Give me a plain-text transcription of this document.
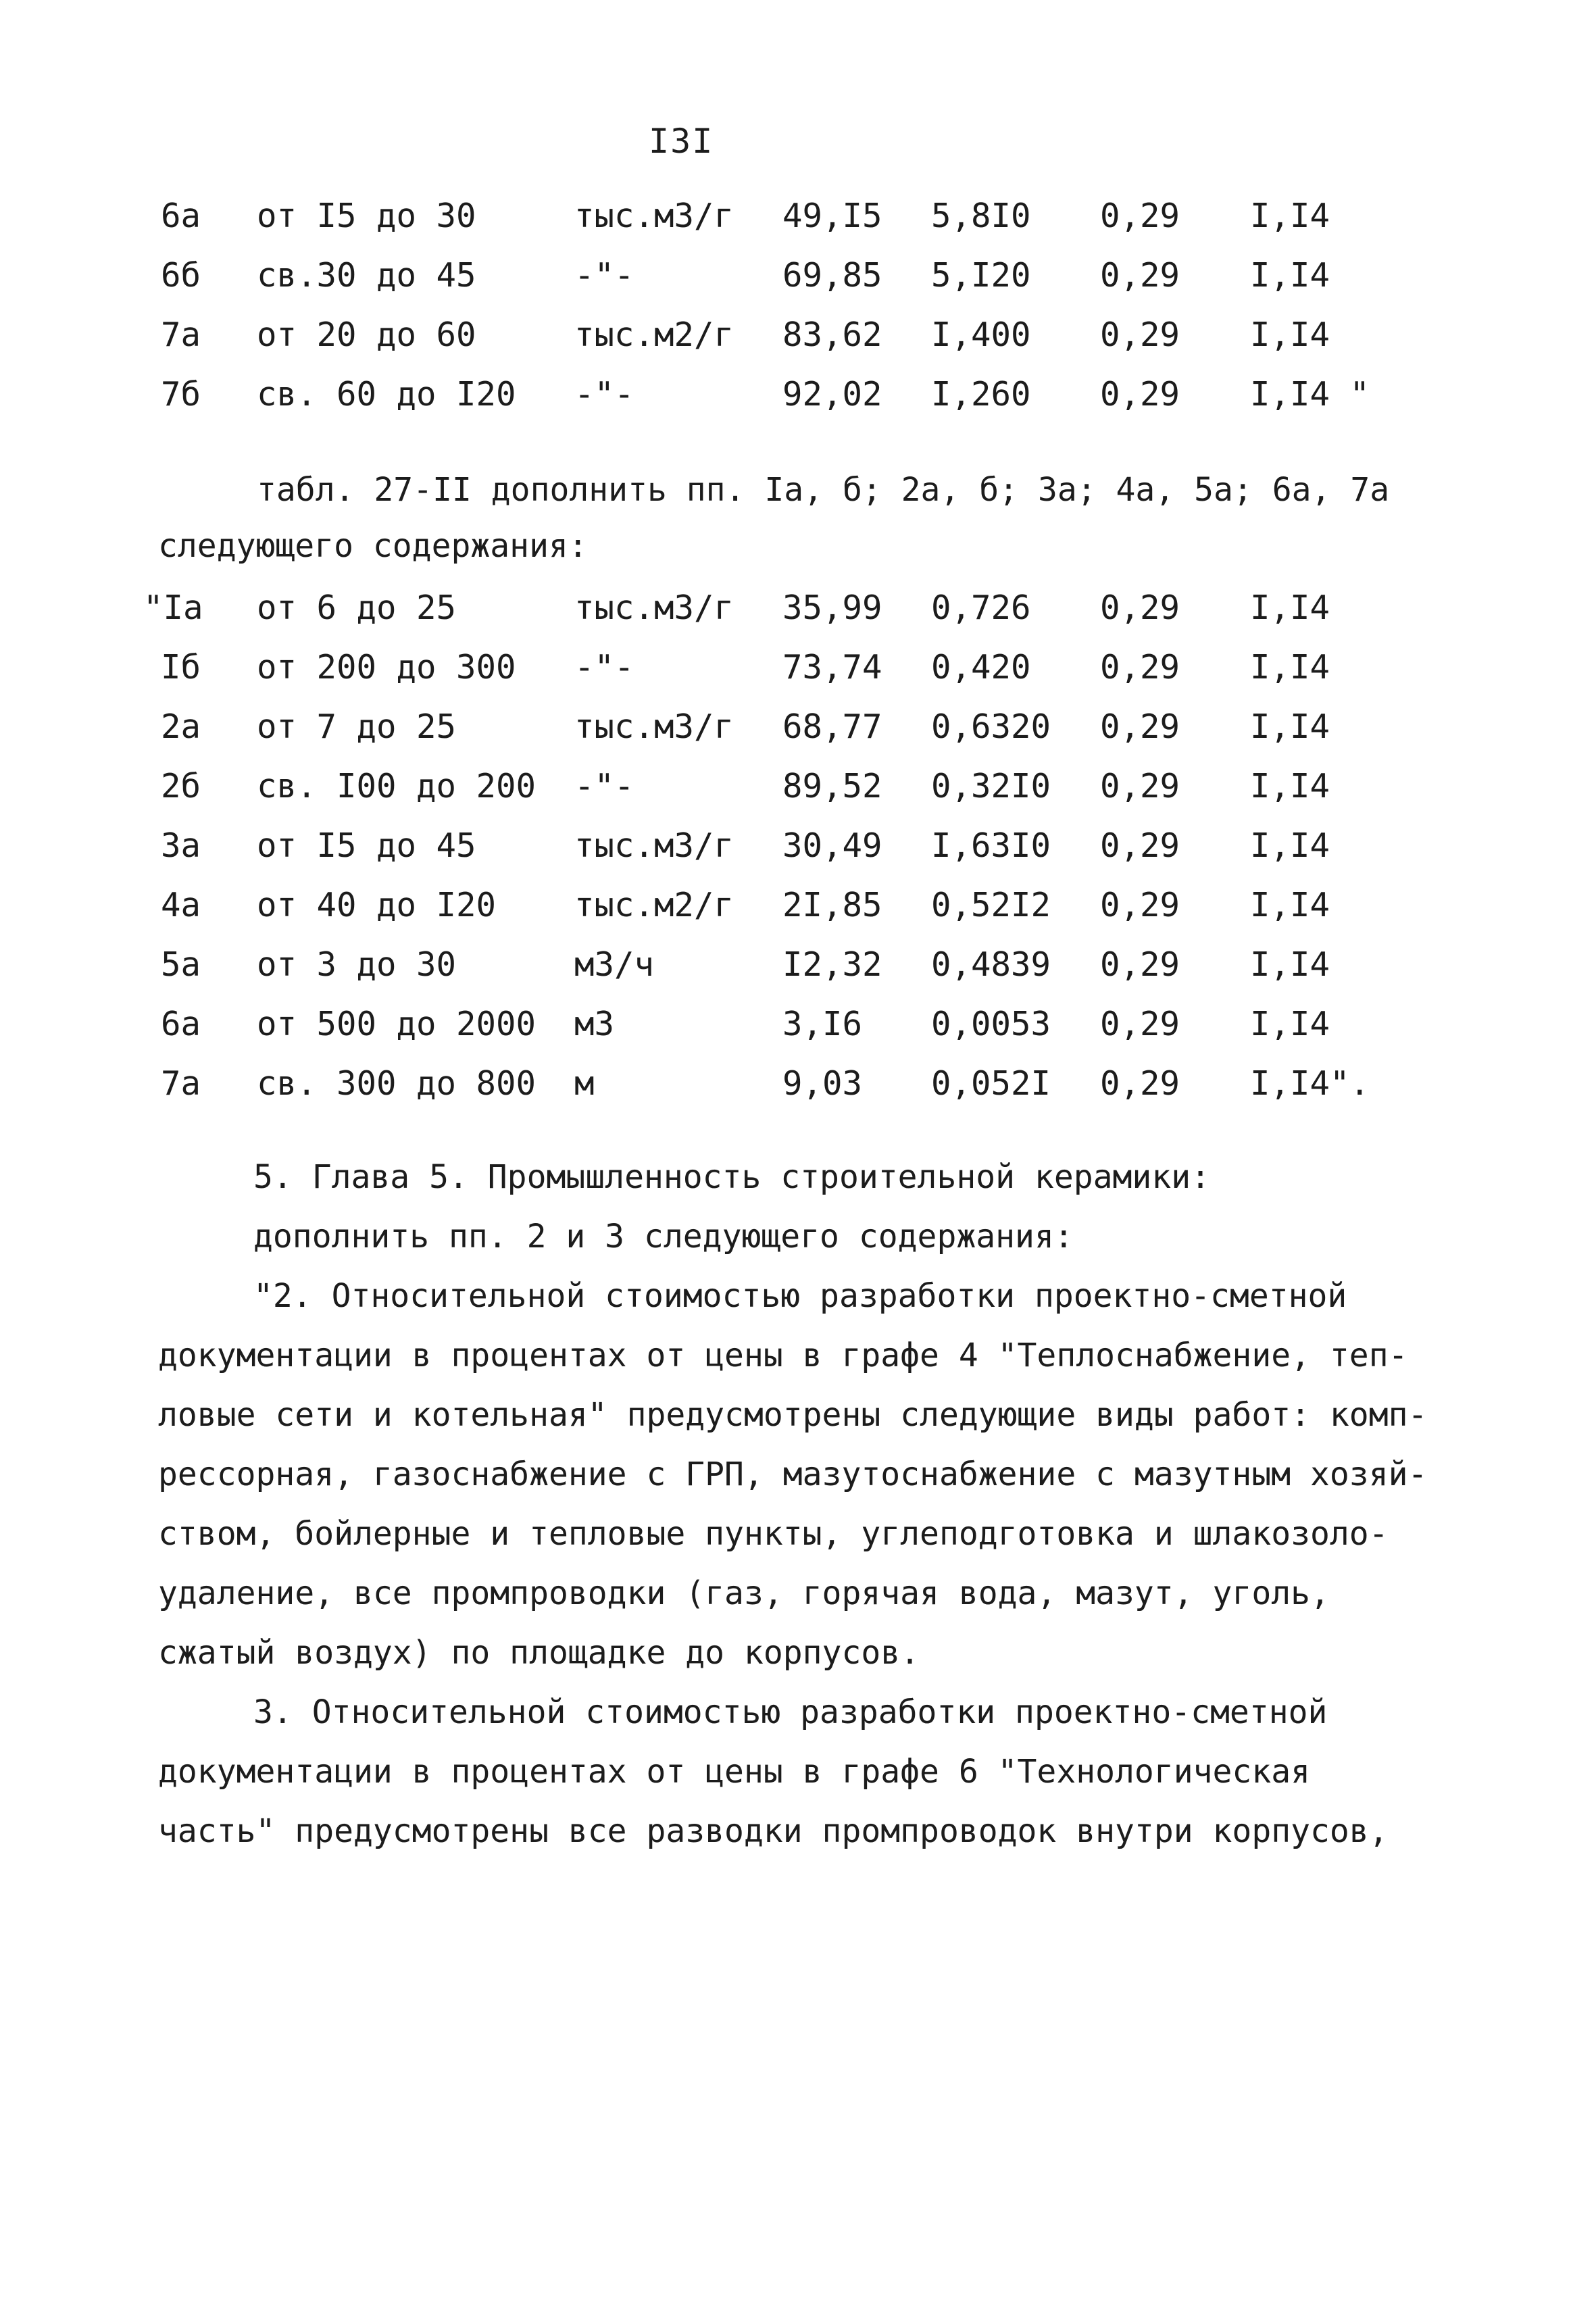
I3I
6а от I5 до 30	тыс.м3/г 49,I5 5,8I0 0,29 I,I4
6б св.30 до 45	-"-	69,85 5,I20 0,29 I,I4
7а от 20 до 60	тыс.м2/г 83,62 I,400 0,29 I,I4
7б св. 60 до I20 -"-	92,02 I,260 0,29 I,I4 "
табл. 27-II дополнить пп. Iа, б; 2а, б; 3а; 4а, 5а; 6а, 7а
следующего содержания:
"Iа от 6 до 25	тыс.м3/г 35,99 0,726 0,29 I,I4
Iб от 200 до 300 -"-	73,74 0,420 0,29 I,I4
2а от 7 до 25	тыс.м3/г 68,77 0,6320 0,29 I,I4
2б св. I00 до 200 -"-	89,52 0,32I0 0,29 I,I4
3а от I5 до 45	тыс.м3/г 30,49 I,63I0 0,29 I,I4
4а от 40 до I20 тыс.м2/г 2I,85 0,52I2 0,29 I,I4
5а от 3 до 30	м3/ч	I2,32 0,4839 0,29 I,I4
6а от 500 до 2000 м3	3,I6 0,0053 0,29 I,I4
7а св. 300 до 800 м	9,03 0,052I 0,29 I,I4".
5. Глава 5. Промышленность строительной керамики:
дополнить пп. 2 и 3 следующего содержания:
"2. Относительной стоимостью разработки проектно-сметной
документации в процентах от цены в графе 4 "Теплоснабжение, теп-
ловые сети и котельная" предусмотрены следующие виды работ: комп-
рессорная, газоснабжение с ГРП, мазутоснабжение с мазутным хозяй-
ством, бойлерные и тепловые пункты, углеподготовка и шлакозоло-
удаление, все промпроводки (газ, горячая вода, мазут, уголь,
сжатый воздух) по площадке до корпусов.
3. Относительной стоимостью разработки проектно-сметной
документации в процентах от цены в графе 6 "Технологическая
часть" предусмотрены все разводки промпроводок внутри корпусов,
